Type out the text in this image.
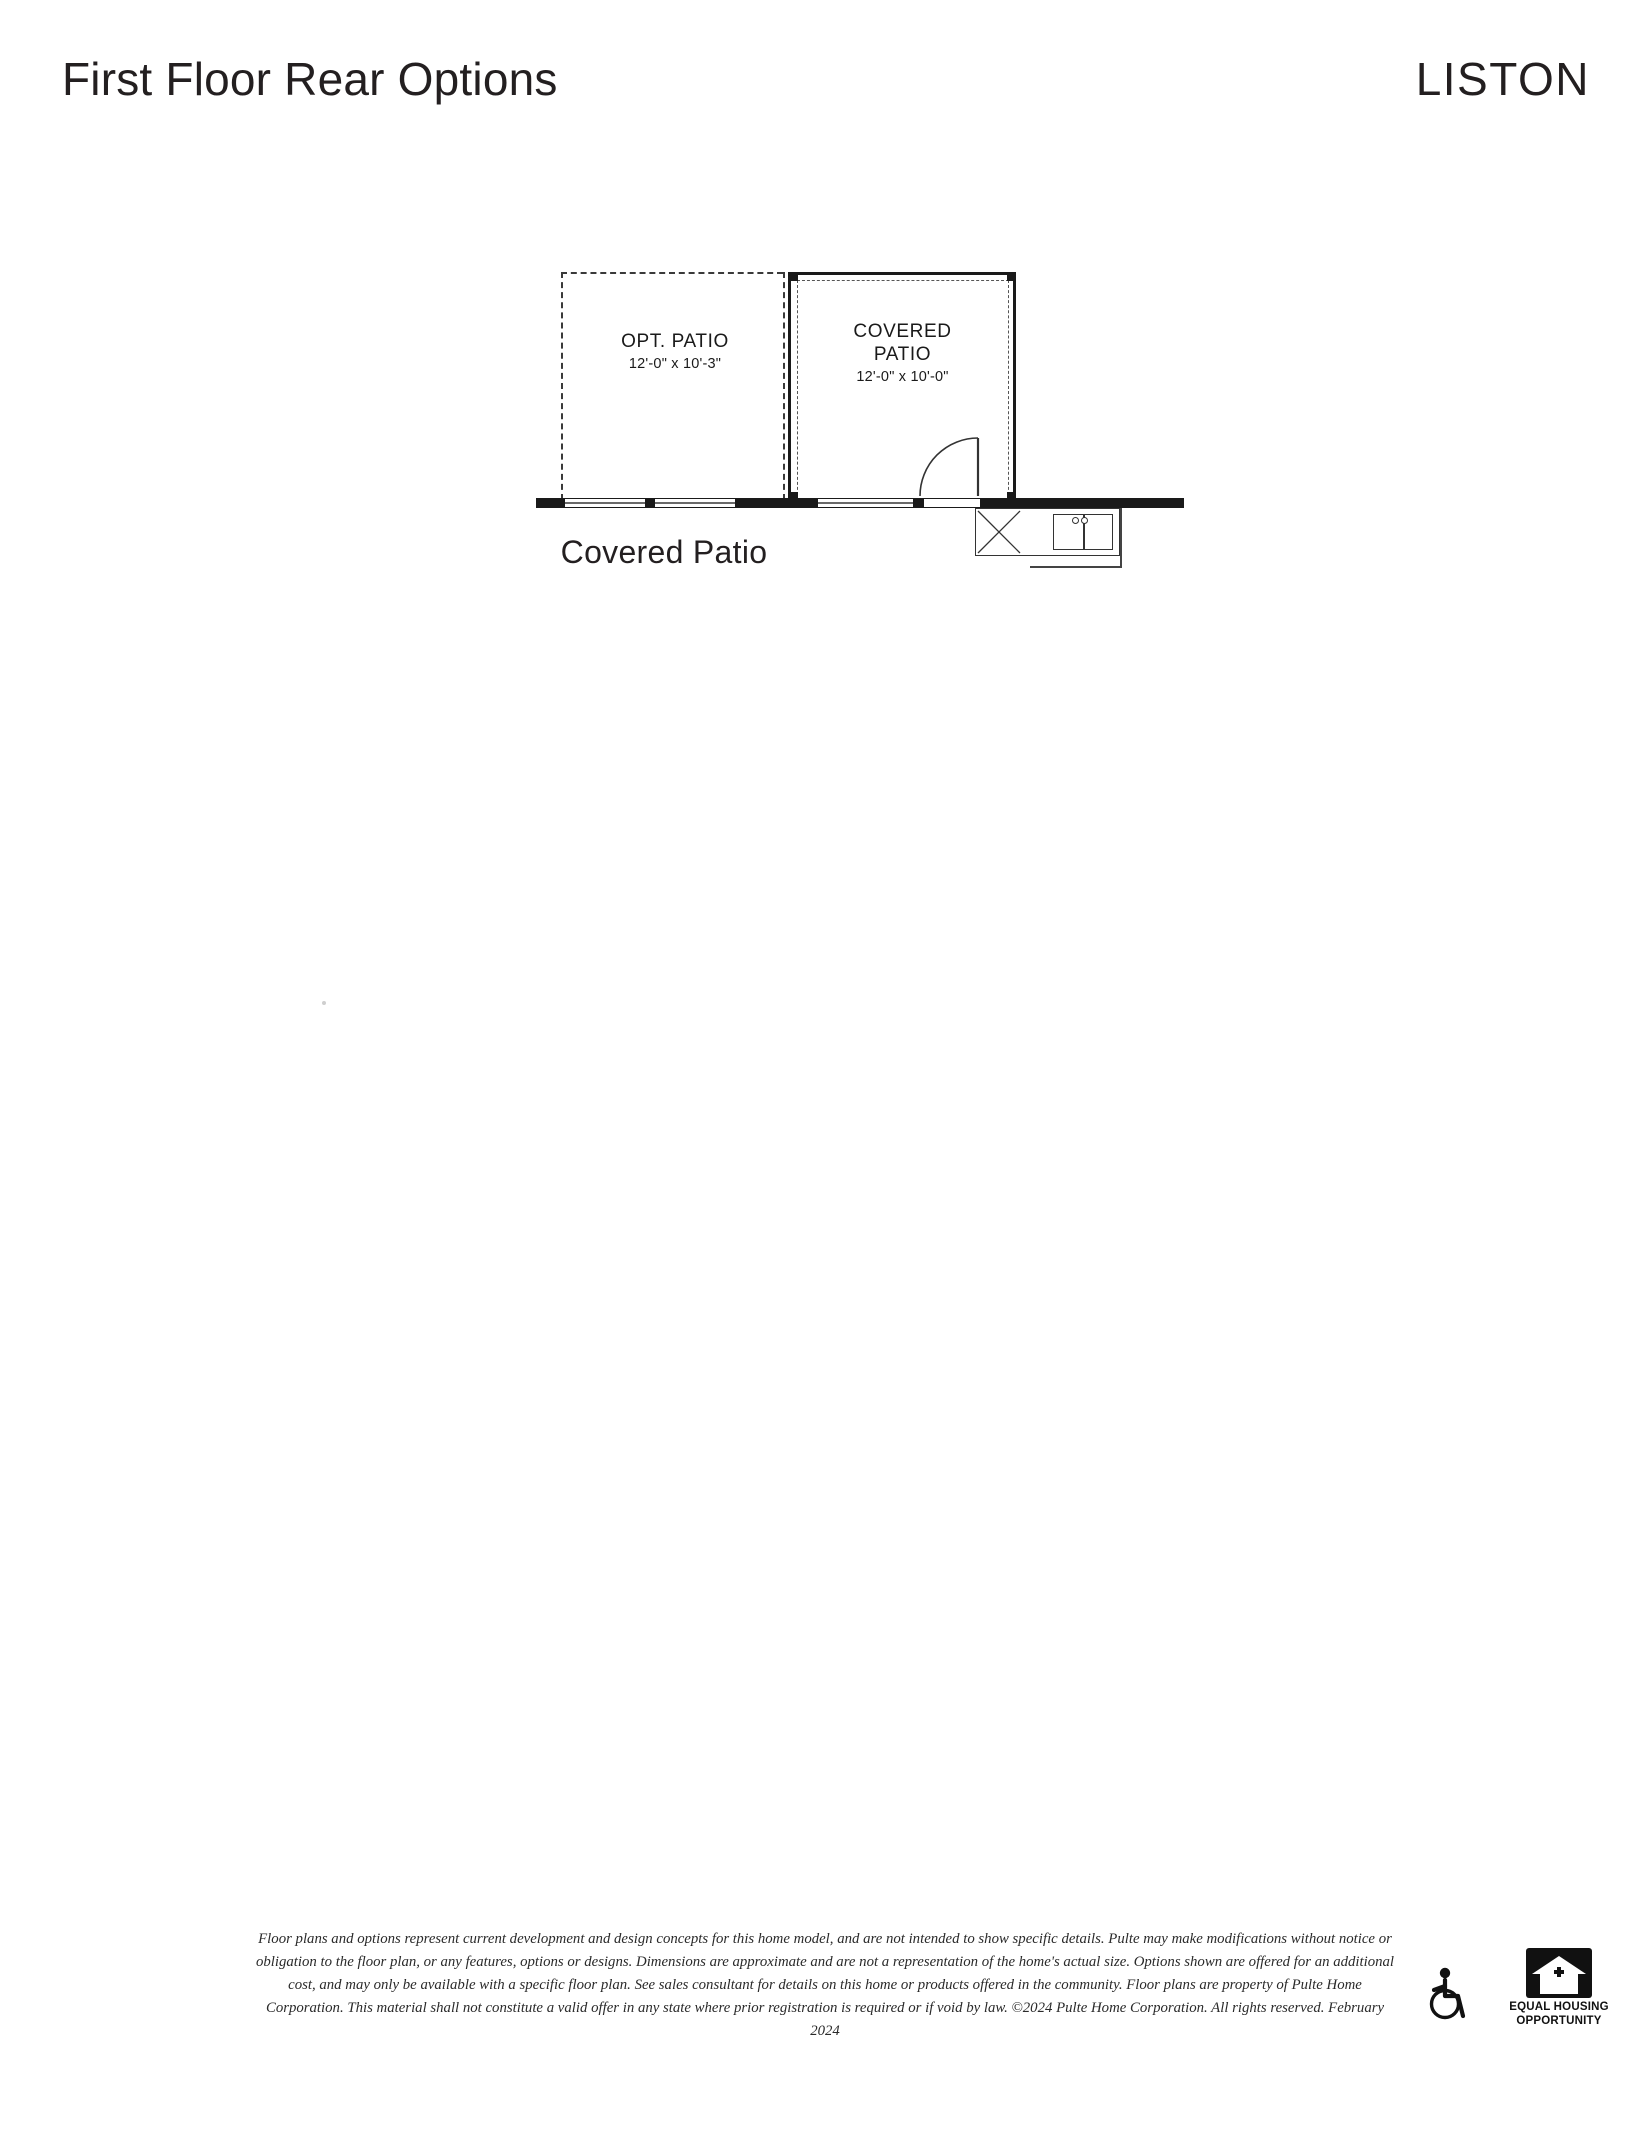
First Floor Rear Options	LISTON
OPT. PATIO
12'-0" x 10'-3"
COVERED
PATIO
12'-0" x 10'-0"
Covered Patio
Floor plans and options represent current development and design concepts for this home model, and are not intended to show specific details. Pulte may make modifications without notice or obligation to the floor plan, or any features, options or designs. Dimensions are approximate and are not a representation of the home's actual size. Options shown are offered for an additional cost, and may only be available with a specific floor plan. See sales consultant for details on this home or products offered in the community. Floor plans are property of Pulte Home Corporation. This material shall not constitute a valid offer in any state where prior registration is required or if void by law. ©2024 Pulte Home Corporation. All rights reserved. February 2024
EQUAL HOUSING
OPPORTUNITY
